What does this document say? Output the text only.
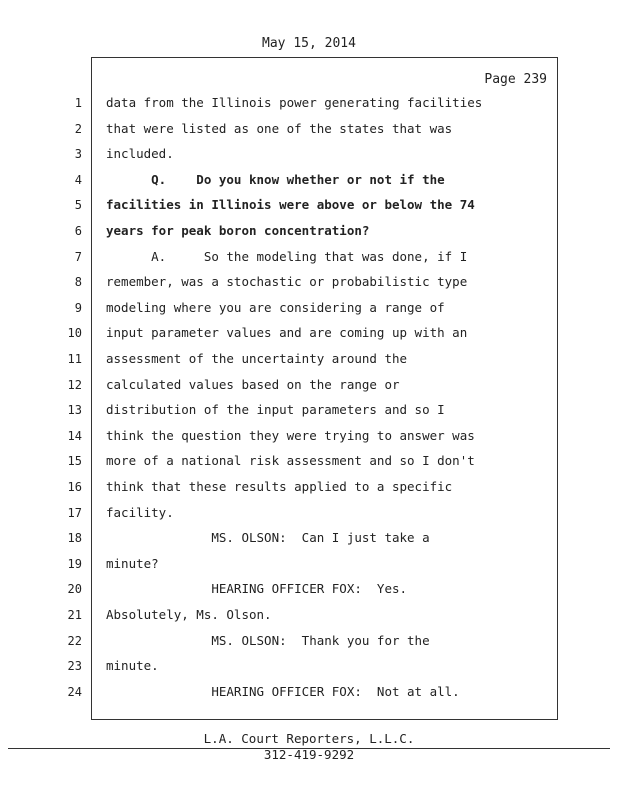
May 15, 2014
Page 239
1 data from the Illinois power generating facilities
2 that were listed as one of the states that was
3 included.
4 Q.    Do you know whether or not if the
5 facilities in Illinois were above or below the 74
6 years for peak boron concentration?
7 A.     So the modeling that was done, if I
8 remember, was a stochastic or probabilistic type
9 modeling where you are considering a range of
10 input parameter values and are coming up with an
11 assessment of the uncertainty around the
12 calculated values based on the range or
13 distribution of the input parameters and so I
14 think the question they were trying to answer was
15 more of a national risk assessment and so I don't
16 think that these results applied to a specific
17 facility.
18 MS. OLSON:  Can I just take a
19 minute?
20 HEARING OFFICER FOX:  Yes.
21 Absolutely, Ms. Olson.
22 MS. OLSON:  Thank you for the
23 minute.
24 HEARING OFFICER FOX:  Not at all.
L.A. Court Reporters, L.L.C.
312-419-9292
